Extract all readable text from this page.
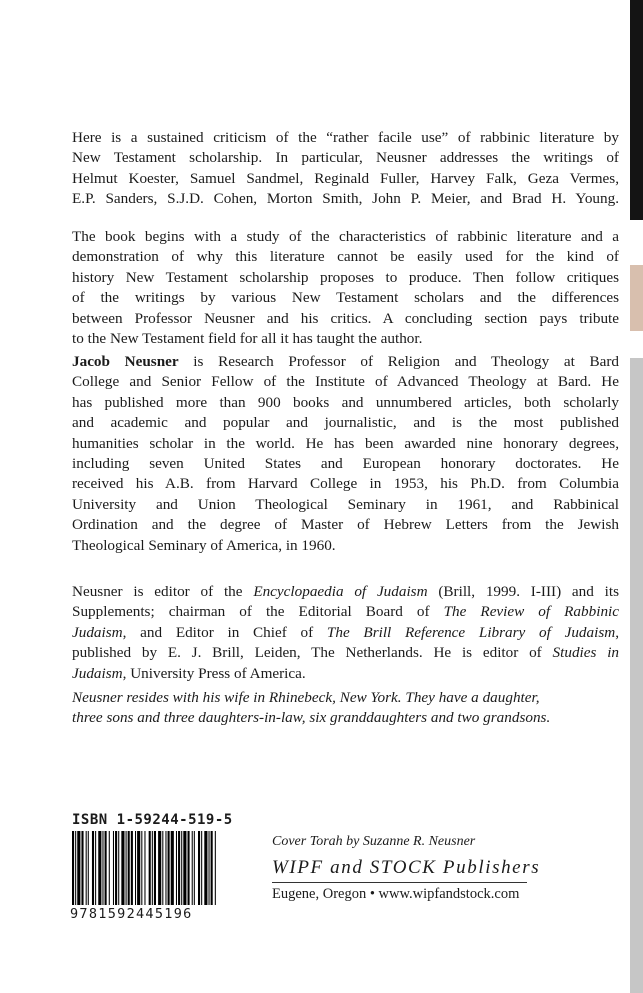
Here is a sustained criticism of the “rather facile use” of rabbinic literature by

New Testament scholarship. In particular, Neusner addresses the writings of

Helmut Koester, Samuel Sandmel, Reginald Fuller, Harvey Falk, Geza Vermes,

E.P. Sanders, S.J.D. Cohen, Morton Smith, John P. Meier, and Brad H. Young.

The book begins with a study of the characteristics of rabbinic literature and a

demonstration of why this literature cannot be easily used for the kind of

history New Testament scholarship proposes to produce. Then follow critiques

of the writings by various New Testament scholars and the differences

between Professor Neusner and his critics. A concluding section pays tribute

to the New Testament field for all it has taught the author.

Jacob Neusner is Research Professor of Religion and Theology at Bard

College and Senior Fellow of the Institute of Advanced Theology at Bard. He

has published more than 900 books and unnumbered articles, both scholarly

and academic and popular and journalistic, and is the most published

humanities scholar in the world. He has been awarded nine honorary degrees,

including seven United States and European honorary doctorates. He

received his A.B. from Harvard College in 1953, his Ph.D. from Columbia

University and Union Theological Seminary in 1961, and Rabbinical

Ordination and the degree of Master of Hebrew Letters from the Jewish

Theological Seminary of America, in 1960.

Neusner is editor of the Encyclopaedia of Judaism (Brill, 1999. I-III) and its

Supplements; chairman of the Editorial Board of The Review of Rabbinic

Judaism, and Editor in Chief of The Brill Reference Library of Judaism,

published by E. J. Brill, Leiden, The Netherlands. He is editor of Studies in

Judaism, University Press of America.

Neusner resides with his wife in Rhinebeck, New York. They have a daughter,

three sons and three daughters-in-law, six granddaughters and two grandsons.

ISBN 1-59244-519-5
9781592445196
Cover Torah by Suzanne R. Neusner
WIPF and STOCK Publishers
Eugene, Oregon • www.wipfandstock.com
